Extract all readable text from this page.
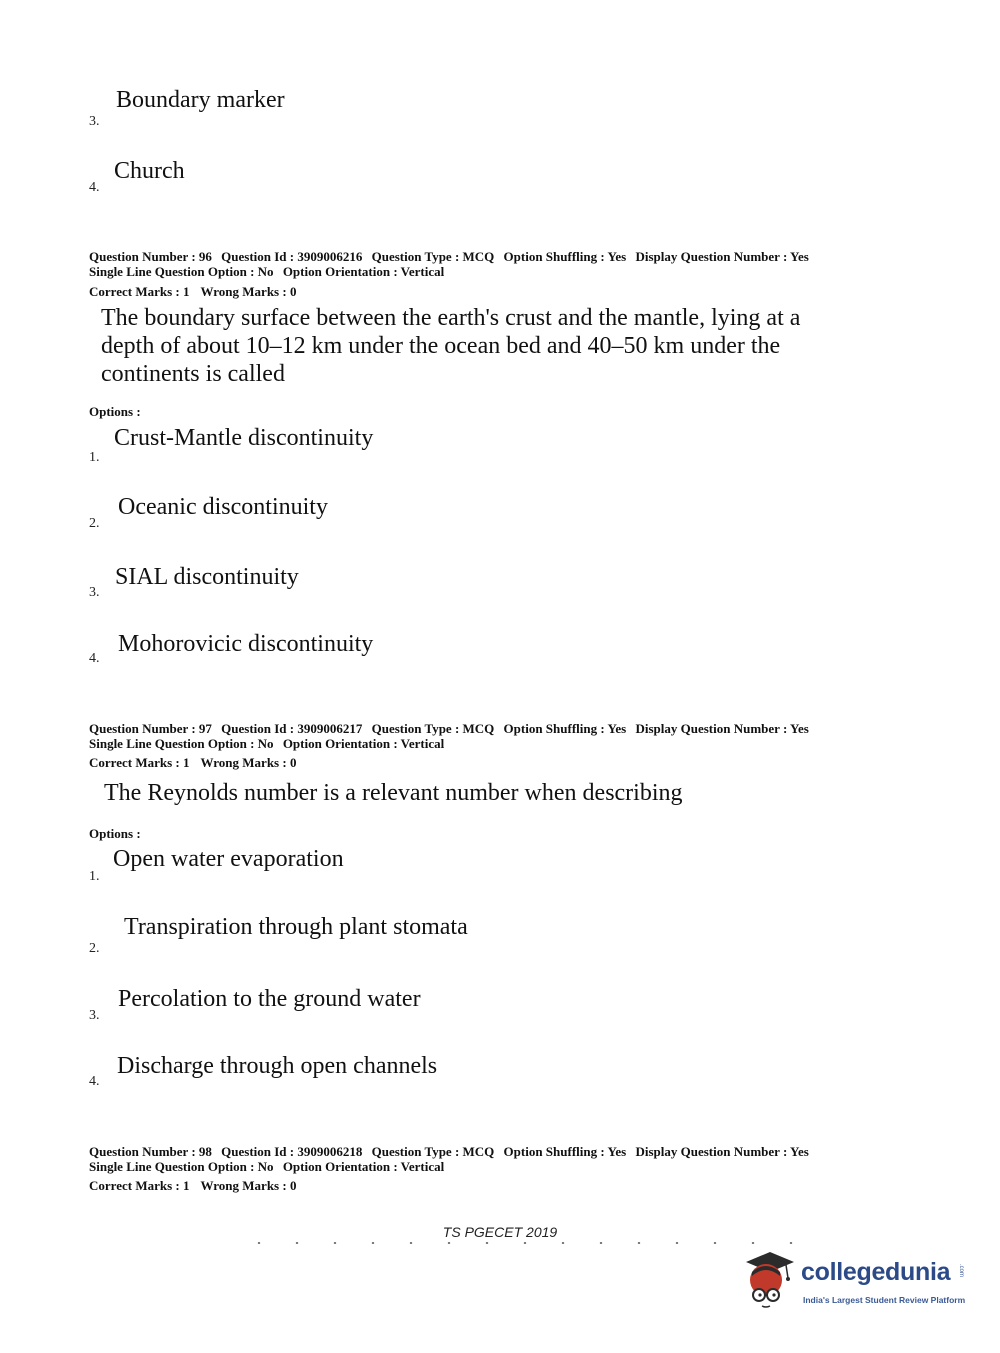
3.
Boundary marker
4.
Church
Question Number : 96 Question Id : 3909006216 Question Type : MCQ Option Shuffling : Yes Display Question Number : Yes
Single Line Question Option : No Option Orientation : Vertical
Correct Marks : 1 Wrong Marks : 0
The boundary surface between the earth's crust and the mantle, lying at a
depth of about 10–12 km under the ocean bed and 40–50 km under the
continents is called
Options :
1.
Crust-Mantle discontinuity
2.
Oceanic discontinuity
3.
SIAL discontinuity
4.
Mohorovicic discontinuity
Question Number : 97 Question Id : 3909006217 Question Type : MCQ Option Shuffling : Yes Display Question Number : Yes
Single Line Question Option : No Option Orientation : Vertical
Correct Marks : 1 Wrong Marks : 0
The Reynolds number is a relevant number when describing
Options :
1.
Open water evaporation
2.
Transpiration through plant stomata
3.
Percolation to the ground water
4.
Discharge through open channels
Question Number : 98 Question Id : 3909006218 Question Type : MCQ Option Shuffling : Yes Display Question Number : Yes
Single Line Question Option : No Option Orientation : Vertical
Correct Marks : 1 Wrong Marks : 0
TS PGECET 2019
collegedunia .com
India's Largest Student Review Platform
